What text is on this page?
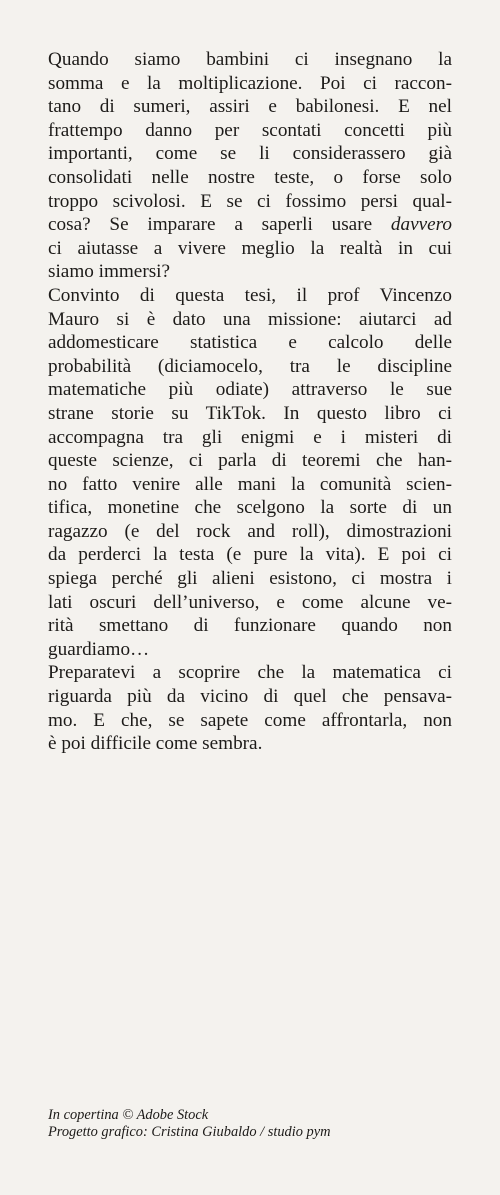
Quando siamo bambini ci insegnano la
somma e la moltiplicazione. Poi ci raccon-
tano di sumeri, assiri e babilonesi. E nel
frattempo danno per scontati concetti più
importanti, come se li considerassero già
consolidati nelle nostre teste, o forse solo
troppo scivolosi. E se ci fossimo persi qual-
cosa? Se imparare a saperli usare davvero
ci aiutasse a vivere meglio la realtà in cui
siamo immersi?

Convinto di questa tesi, il prof Vincenzo
Mauro si è dato una missione: aiutarci ad
addomesticare statistica e calcolo delle
probabilità (diciamocelo, tra le discipline
matematiche più odiate) attraverso le sue
strane storie su TikTok. In questo libro ci
accompagna tra gli enigmi e i misteri di
queste scienze, ci parla di teoremi che han-
no fatto venire alle mani la comunità scien-
tifica, monetine che scelgono la sorte di un
ragazzo (e del rock and roll), dimostrazioni
da perderci la testa (e pure la vita). E poi ci
spiega perché gli alieni esistono, ci mostra i
lati oscuri dell’universo, e come alcune ve-
rità smettano di funzionare quando non
guardiamo…

Preparatevi a scoprire che la matematica ci
riguarda più da vicino di quel che pensava-
mo. E che, se sapete come affrontarla, non
è poi difficile come sembra.

In copertina © Adobe Stock
Progetto grafico: Cristina Giubaldo / studio pym
